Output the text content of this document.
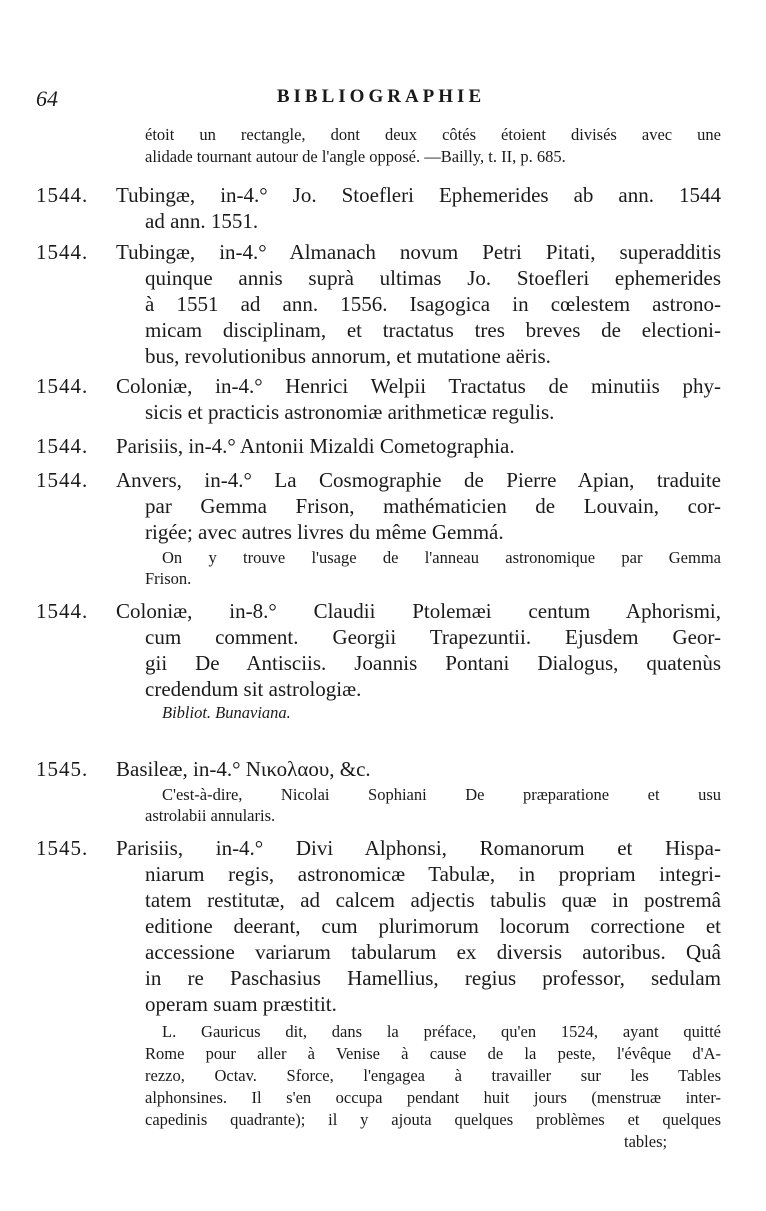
64	BIBLIOGRAPHIE
étoit un rectangle, dont deux côtés étoient divisés avec une
alidade tournant autour de l'angle opposé. —Bailly, t. II, p. 685.
1544. Tubingæ, in-4.° Jo. Stoefleri Ephemerides ab ann. 1544
ad ann. 1551.
1544. Tubingæ, in-4.° Almanach novum Petri Pitati, superadditis
quinque annis suprà ultimas Jo. Stoefleri ephemerides
à 1551 ad ann. 1556. Isagogica in cœlestem astrono-
micam disciplinam, et tractatus tres breves de electioni-
bus, revolutionibus annorum, et mutatione aëris.
1544. Coloniæ, in-4.° Henrici Welpii Tractatus de minutiis phy-
sicis et practicis astronomiæ arithmeticæ regulis.
1544. Parisiis, in-4.° Antonii Mizaldi Cometographia.
1544. Anvers, in-4.° La Cosmographie de Pierre Apian, traduite
par Gemma Frison, mathématicien de Louvain, cor-
rigée; avec autres livres du même Gemmá.
On y trouve l'usage de l'anneau astronomique par Gemma
Frison.
1544. Coloniæ, in-8.° Claudii Ptolemæi centum Aphorismi,
cum comment. Georgii Trapezuntii. Ejusdem Geor-
gii De Antisciis. Joannis Pontani Dialogus, quatenùs
credendum sit astrologiæ.
Bibliot. Bunaviana.
1545. Basileæ, in-4.° Νικολαου, &c.
C'est-à-dire, Nicolai Sophiani De præparatione et usu
astrolabii annularis.
1545. Parisiis, in-4.° Divi Alphonsi, Romanorum et Hispa-
niarum regis, astronomicæ Tabulæ, in propriam integri-
tatem restitutæ, ad calcem adjectis tabulis quæ in postremâ
editione deerant, cum plurimorum locorum correctione et
accessione variarum tabularum ex diversis autoribus. Quâ
in re Paschasius Hamellius, regius professor, sedulam
operam suam præstitit.
L. Gauricus dit, dans la préface, qu'en 1524, ayant quitté
Rome pour aller à Venise à cause de la peste, l'évêque d'A-
rezzo, Octav. Sforce, l'engagea à travailler sur les Tables
alphonsines. Il s'en occupa pendant huit jours (menstruæ inter-
capedinis quadrante); il y ajouta quelques problèmes et quelques
tables;
